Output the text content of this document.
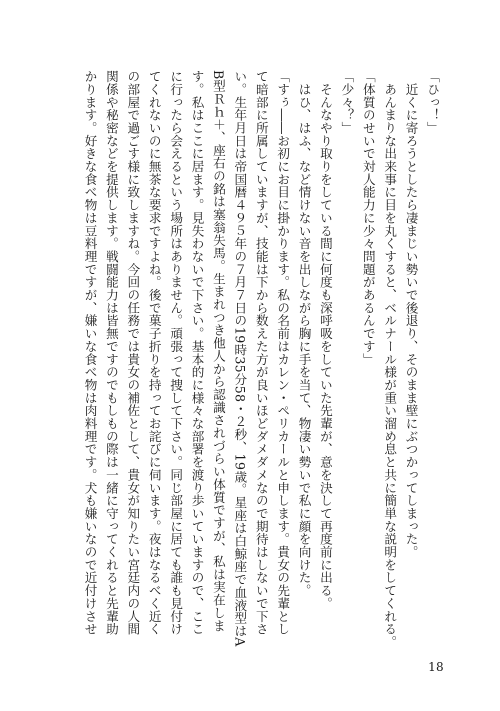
「ひっ！」
　近くに寄ろうとしたら凄まじい勢いで後退り、そのまま壁にぶつかってしまった。
　あんまりな出来事に目を丸くすると、ベルナール様が重い溜め息と共に簡単な説明をしてくれる。
「体質のせいで対人能力に少々問題があるんです」
「少々？」
　そんなやり取りをしている間に何度も深呼吸をしていた先輩が、意を決して再度前に出る。
　はひ、はふ、など情けない音を出しながら胸に手を当て、物凄い勢いで私に顔を向けた。
「すぅ――お初にお目に掛かります。私の名前はカレン・ペリカールと申します。貴女の先輩とし
て暗部に所属していますが、技能は下から数えた方が良いほどダメダメなので期待はしないで下さ
い。生年月日は帝国暦４９５年の７月７日の19時35分58・２秒、19歳。星座は白鯨座で血液型はA
B型Ｒｈ＋、座右の銘は塞翁失馬。生まれつき他人から認識されづらい体質ですが、私は実在しま
す。私はここに居ます。見失わないで下さい。基本的に様々な部署を渡り歩いていますので、ここ
に行ったら会えるという場所はありません。頑張って捜して下さい。同じ部屋に居ても誰も見付け
てくれないのに無茶な要求ですよね。後で菓子折りを持ってお詫びに伺います。夜はなるべく近く
の部屋で過ごす様に致しますね。今回の任務では貴女の補佐として、貴女が知りたい宮廷内の人間
関係や秘密などを提供します。戦闘能力は皆無ですのでもしもの際は一緒に守ってくれると先輩助
かります。好きな食べ物は豆料理ですが、嫌いな食べ物は肉料理です。犬も嫌いなので近付けさせ
18
